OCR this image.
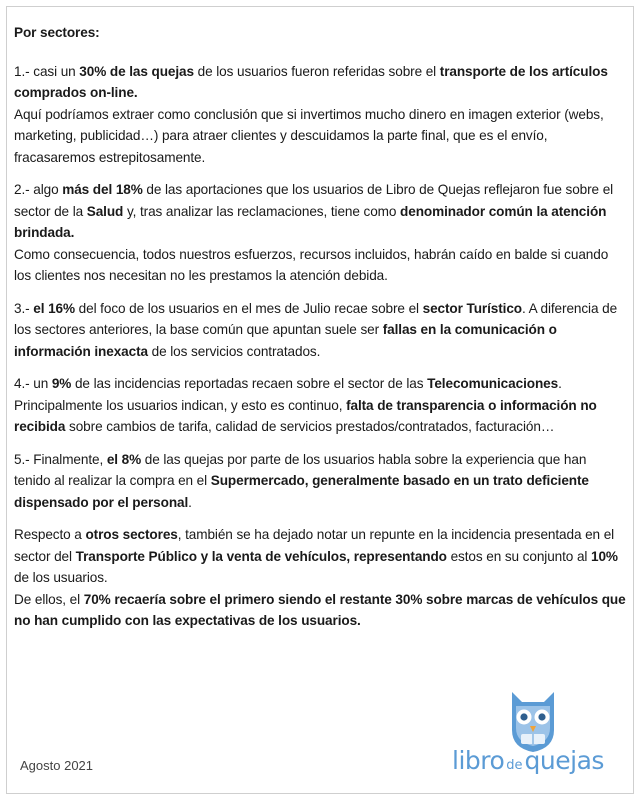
Por sectores:

1.- casi un 30% de las quejas de los usuarios fueron referidas sobre el transporte de los artículos comprados on-line.

Aquí podríamos extraer como conclusión que si invertimos mucho dinero en imagen exterior (webs, marketing, publicidad…) para atraer clientes y descuidamos la parte final, que es el envío, fracasaremos estrepitosamente.

2.- algo más del 18% de las aportaciones que los usuarios de Libro de Quejas reflejaron fue sobre el sector de la Salud y, tras analizar las reclamaciones, tiene como denominador común la atención brindada.

Como consecuencia, todos nuestros esfuerzos, recursos incluidos, habrán caído en balde si cuando los clientes nos necesitan no les prestamos la atención debida.

3.- el 16% del foco de los usuarios en el mes de Julio recae sobre el sector Turístico. A diferencia de los sectores anteriores, la base común que apuntan suele ser fallas en la comunicación o información inexacta de los servicios contratados.

4.- un 9% de las incidencias reportadas recaen sobre el sector de las Telecomunicaciones. Principalmente los usuarios indican, y esto es continuo, falta de transparencia o información no recibida sobre cambios de tarifa, calidad de servicios prestados/contratados, facturación…

5.- Finalmente, el 8% de las quejas por parte de los usuarios habla sobre la experiencia que han tenido al realizar la compra en el Supermercado, generalmente basado en un trato deficiente dispensado por el personal.

Respecto a otros sectores, también se ha dejado notar un repunte en la incidencia presentada en el sector del Transporte Público y la venta de vehículos, representando estos en su conjunto al 10% de los usuarios.

De ellos, el 70% recaería sobre el primero siendo el restante 30% sobre marcas de vehículos que no han cumplido con las expectativas de los usuarios.

Agosto 2021	libro dequejas
